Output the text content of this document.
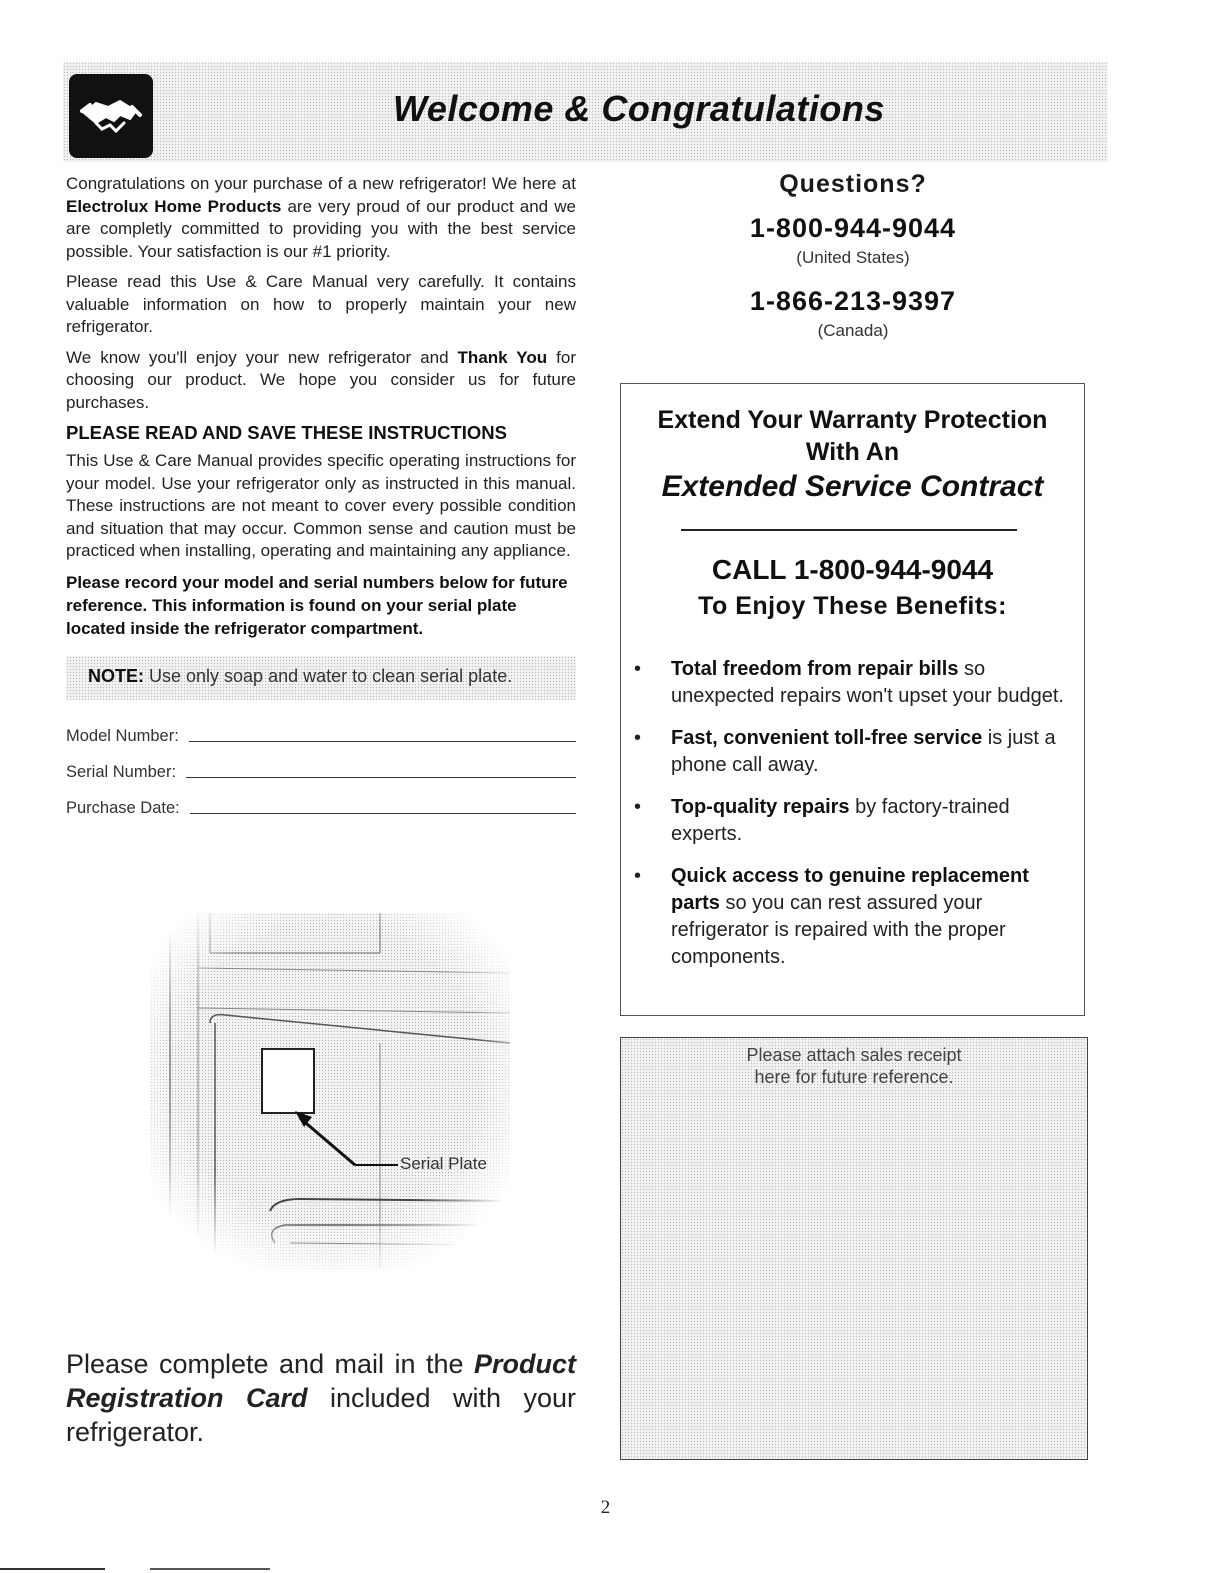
Welcome & Congratulations

Congratulations on your purchase of a new refrigerator! We here at Electrolux Home Products are very proud of our product and we are completly committed to providing you with the best service possible. Your satisfaction is our #1 priority.

Please read this Use & Care Manual very carefully. It contains valuable information on how to properly maintain your new refrigerator.

We know you'll enjoy your new refrigerator and Thank You for choosing our product. We hope you consider us for future purchases.

PLEASE READ AND SAVE THESE INSTRUCTIONS

This Use & Care Manual provides specific operating instructions for your model. Use your refrigerator only as instructed in this manual. These instructions are not meant to cover every possible condition and situation that may occur. Common sense and caution must be practiced when installing, operating and maintaining any appliance.

Please record your model and serial numbers below for future reference. This information is found on your serial plate located inside the refrigerator compartment.
NOTE: Use only soap and water to clean serial plate.
Model Number:
Serial Number:
Purchase Date:
Serial Plate
Please complete and mail in the Product Registration Card included with your refrigerator.
Questions?
1-800-944-9044
(United States)
1-866-213-9397
(Canada)
Extend Your Warranty Protection
With An
Extended Service Contract
CALL 1-800-944-9044
To Enjoy These Benefits:
• Total freedom from repair bills so unexpected repairs won't upset your budget.
• Fast, convenient toll-free service is just a phone call away.
• Top-quality repairs by factory-trained experts.
• Quick access to genuine replacement parts so you can rest assured your refrigerator is repaired with the proper components.
Please attach sales receipt
here for future reference.
2
